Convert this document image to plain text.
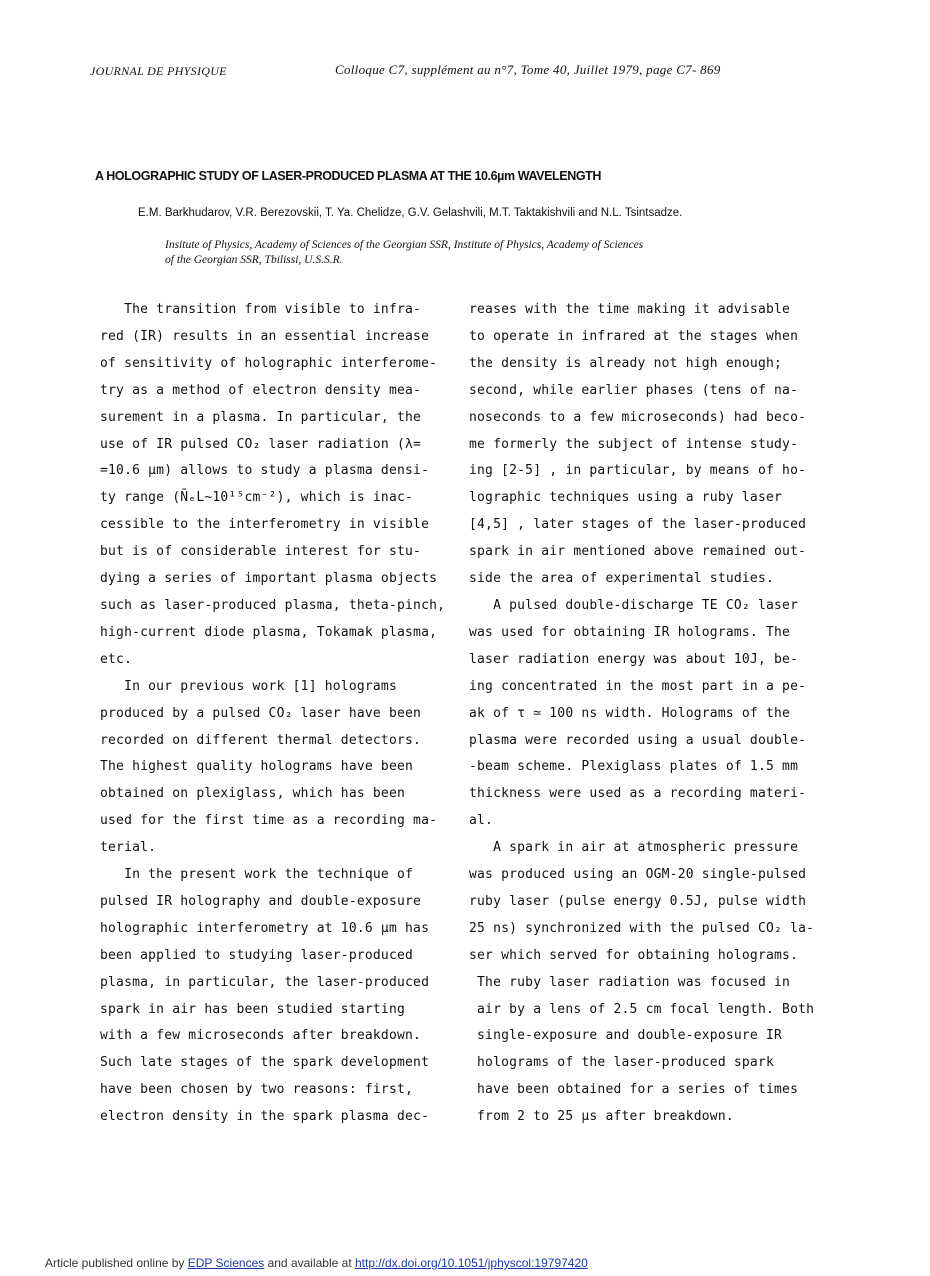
JOURNAL DE PHYSIQUE	Colloque C7, supplément au n°7, Tome 40, Juillet 1979, page C7- 869
A HOLOGRAPHIC STUDY OF LASER-PRODUCED PLASMA AT THE 10.6µm WAVELENGTH
E.M. Barkhudarov, V.R. Berezovskii, T. Ya. Chelidze, G.V. Gelashvili, M.T. Taktakishvili and N.L. Tsintsadze.
Insitute of Physics, Academy of Sciences of the Georgian SSR, Institute of Physics, Academy of Sciences
of the Georgian SSR, Tbilissi, U.S.S.R.

The transition from visible to infra-

red (IR) results in an essential increase

of sensitivity of holographic interferome-

try as a method of electron density mea-

surement in a plasma. In particular, the

use of IR pulsed CO₂ laser radiation (λ=

=10.6 µm) allows to study a plasma densi-

ty range (N̄ₑL~10¹⁵cm⁻²), which is inac-

cessible to the interferometry in visible

but is of considerable interest for stu-

dying a series of important plasma objects

such as laser-produced plasma, theta-pinch,

high-current diode plasma, Tokamak plasma,

etc.

In our previous work [1] holograms

produced by a pulsed CO₂ laser have been

recorded on different thermal detectors.

The highest quality holograms have been

obtained on plexiglass, which has been

used for the first time as a recording ma-

terial.

In the present work the technique of

pulsed IR holography and double-exposure

holographic interferometry at 10.6 µm has

been applied to studying laser-produced

plasma, in particular, the laser-produced

spark in air has been studied starting

with a few microseconds after breakdown.

Such late stages of the spark development

have been chosen by two reasons: first,

electron density in the spark plasma dec-

reases with the time making it advisable

to operate in infrared at the stages when

the density is already not high enough;

second, while earlier phases (tens of na-

noseconds to a few microseconds) had beco-

me formerly the subject of intense study-

ing [2-5] , in particular, by means of ho-

lographic techniques using a ruby laser

[4,5] , later stages of the laser-produced

spark in air mentioned above remained out-

side the area of experimental studies.

A pulsed double-discharge TE CO₂ laser

was used for obtaining IR holograms. The

laser radiation energy was about 10J, be-

ing concentrated in the most part in a pe-

ak of τ ≃ 100 ns width. Holograms of the

plasma were recorded using a usual double-

-beam scheme. Plexiglass plates of 1.5 mm

thickness were used as a recording materi-

al.

A spark in air at atmospheric pressure

was produced using an OGM-20 single-pulsed

ruby laser (pulse energy 0.5J, pulse width

25 ns) synchronized with the pulsed CO₂ la-

ser which served for obtaining holograms.

The ruby laser radiation was focused in

air by a lens of 2.5 cm focal length. Both

single-exposure and double-exposure IR

holograms of the laser-produced spark

have been obtained for a series of times

from 2 to 25 µs after breakdown.

Article published online by EDP Sciences and available at http://dx.doi.org/10.1051/jphyscol:19797420
